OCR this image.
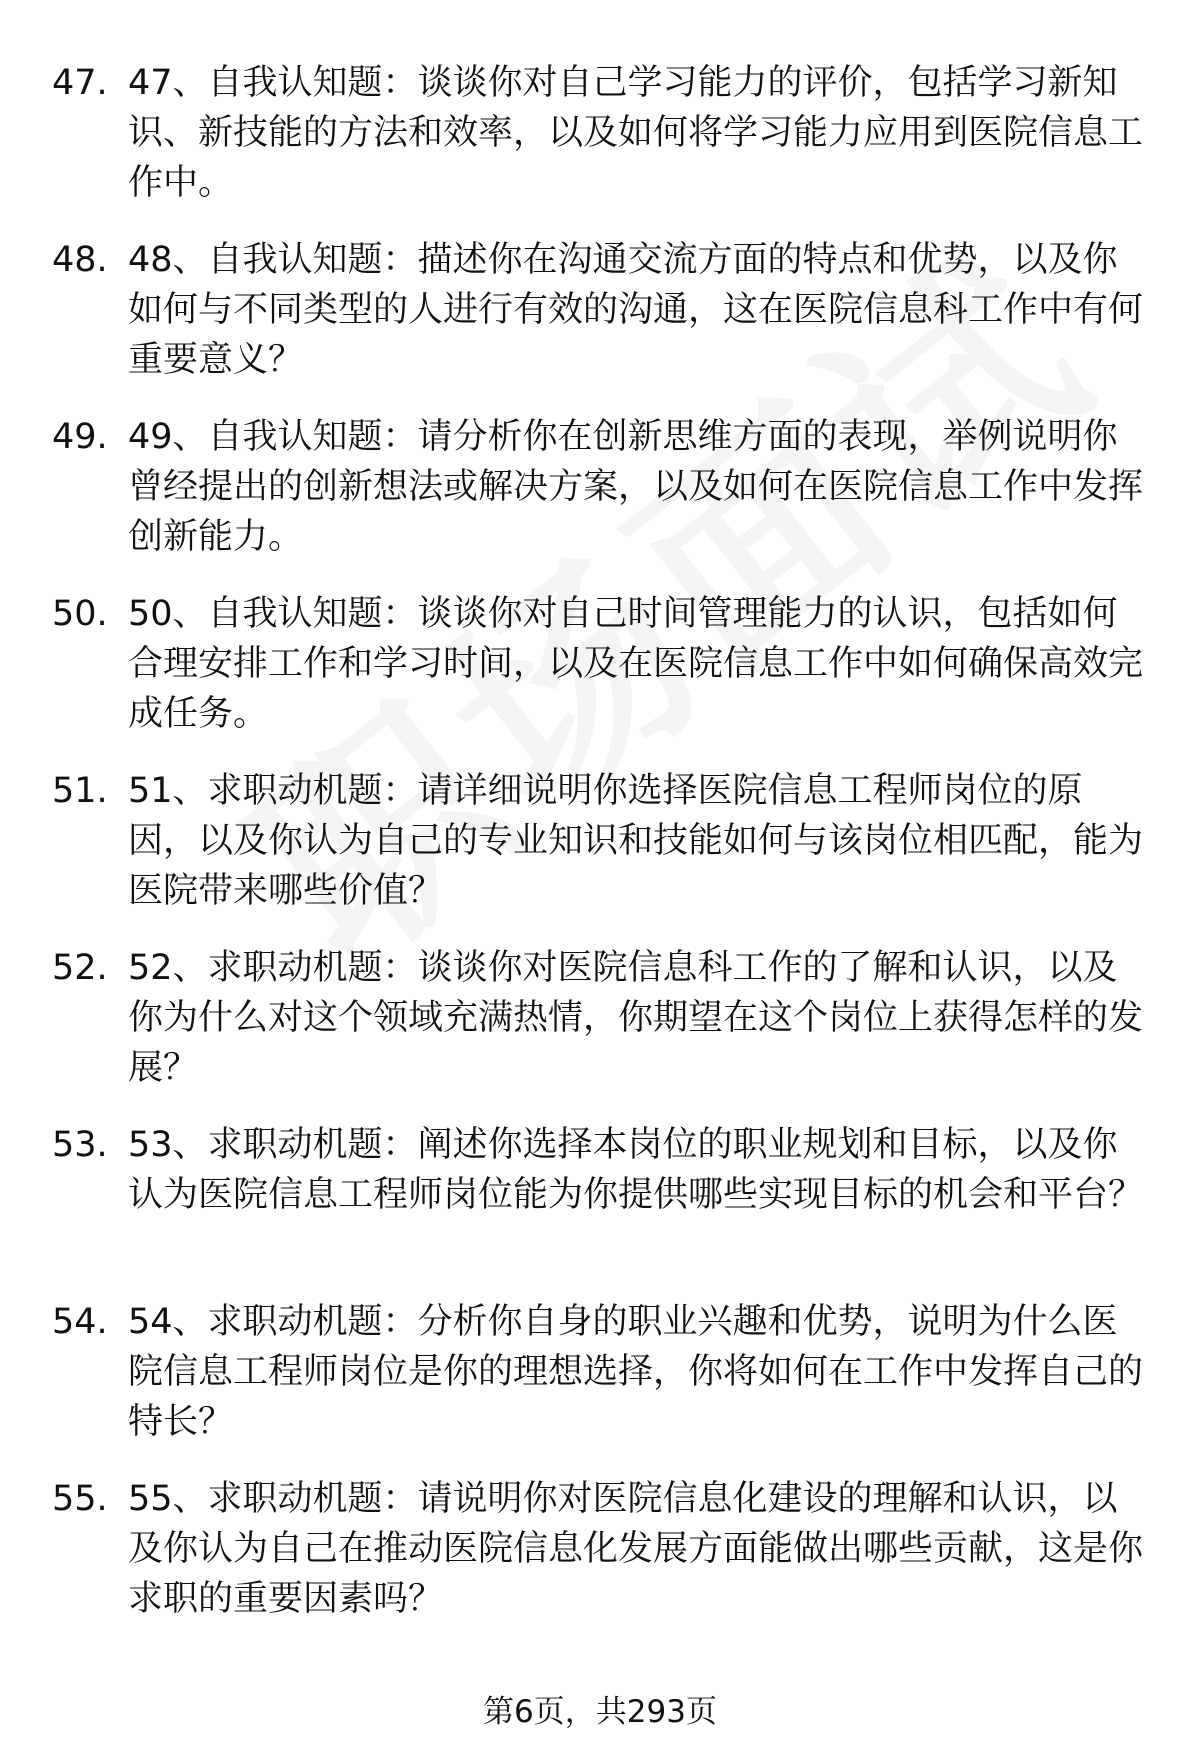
47. 47、自我认知题：谈谈你对自己学习能力的评价，包括学习新知识、新技能的方法和效率，以及如何将学习能力应用到医院信息工作中。
48. 48、自我认知题：描述你在沟通交流方面的特点和优势，以及你如何与不同类型的人进行有效的沟通，这在医院信息科工作中有何重要意义？
49. 49、自我认知题：请分析你在创新思维方面的表现，举例说明你曾经提出的创新想法或解决方案，以及如何在医院信息工作中发挥创新能力。
50. 50、自我认知题：谈谈你对自己时间管理能力的认识，包括如何合理安排工作和学习时间，以及在医院信息工作中如何确保高效完成任务。
51. 51、求职动机题：请详细说明你选择医院信息工程师岗位的原因，以及你认为自己的专业知识和技能如何与该岗位相匹配，能为医院带来哪些价值？
52. 52、求职动机题：谈谈你对医院信息科工作的了解和认识，以及你为什么对这个领域充满热情，你期望在这个岗位上获得怎样的发展？
53. 53、求职动机题：阐述你选择本岗位的职业规划和目标，以及你认为医院信息工程师岗位能为你提供哪些实现目标的机会和平台？
54. 54、求职动机题：分析你自身的职业兴趣和优势，说明为什么医院信息工程师岗位是你的理想选择，你将如何在工作中发挥自己的特长？
55. 55、求职动机题：请说明你对医院信息化建设的理解和认识，以及你认为自己在推动医院信息化发展方面能做出哪些贡献，这是你求职的重要因素吗？
第6页，共293页
